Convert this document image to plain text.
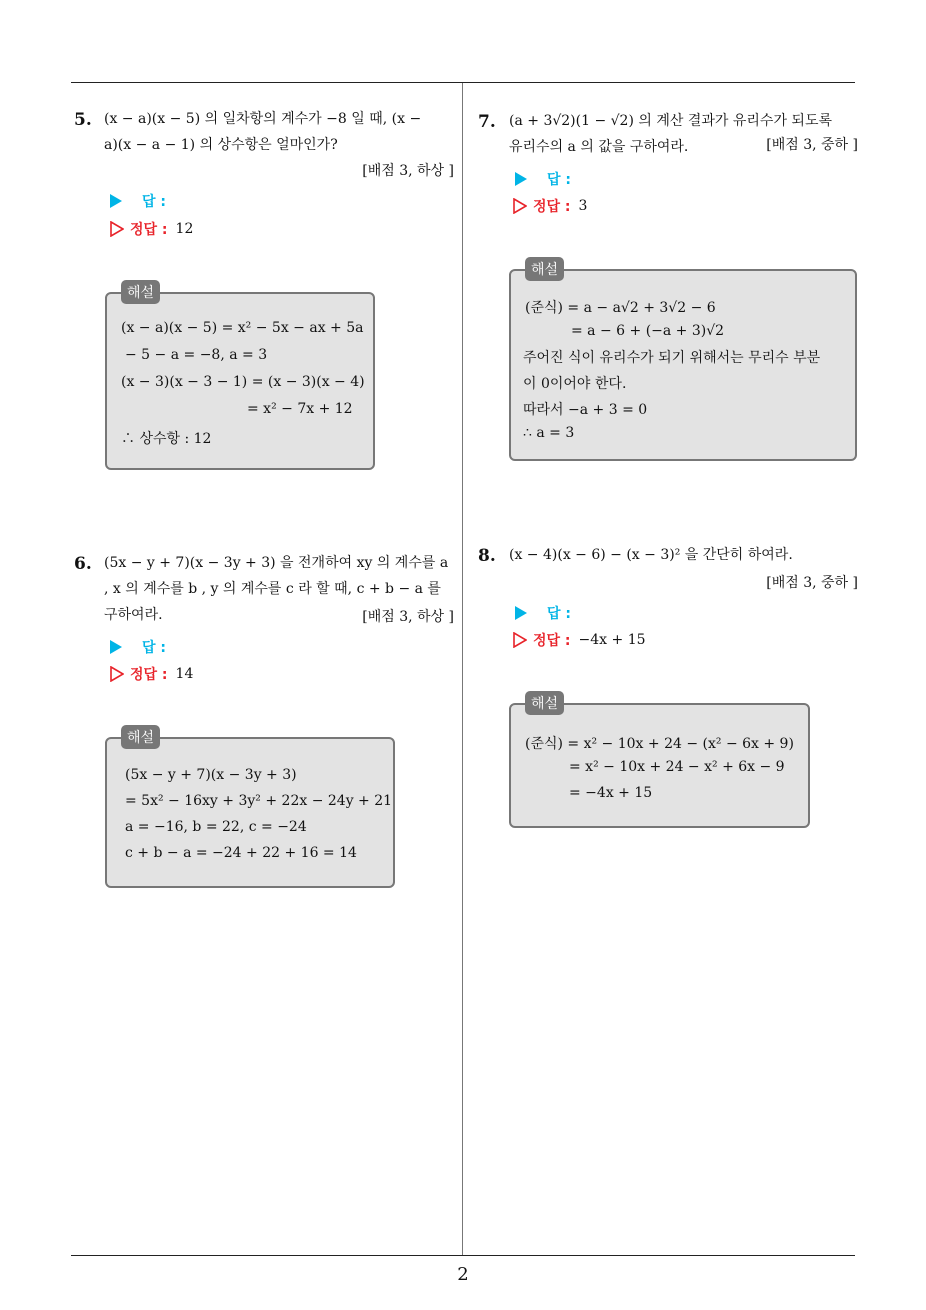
2
5. (x − a)(x − 5) 의 일차항의 계수가 −8 일 때, (x −
a)(x − a − 1) 의 상수항은 얼마인가?
[배점 3, 하상 ]
답 :
정답 : 12
해설
(x − a)(x − 5) = x² − 5x − ax + 5a
− 5 − a = −8, a = 3
(x − 3)(x − 3 − 1) = (x − 3)(x − 4)
= x² − 7x + 12
∴ 상수항 : 12
6. (5x − y + 7)(x − 3y + 3) 을 전개하여 xy 의 계수를 a
, x 의 계수를 b , y 의 계수를 c 라 할 때, c + b − a 를
구하여라.	[배점 3, 하상 ]
답 :
정답 : 14
해설
(5x − y + 7)(x − 3y + 3)
= 5x² − 16xy + 3y² + 22x − 24y + 21
a = −16, b = 22, c = −24
c + b − a = −24 + 22 + 16 = 14
7. (a + 3√2)(1 − √2) 의 계산 결과가 유리수가 되도록
유리수의 a 의 값을 구하여라.	[배점 3, 중하 ]
답 :
정답 : 3
해설
(준식) = a − a√2 + 3√2 − 6
= a − 6 + (−a + 3)√2
주어진 식이 유리수가 되기 위해서는 무리수 부분
이 0이어야 한다.
따라서 −a + 3 = 0
∴ a = 3
8. (x − 4)(x − 6) − (x − 3)² 을 간단히 하여라.
[배점 3, 중하 ]
답 :
정답 : −4x + 15
해설
(준식) = x² − 10x + 24 − (x² − 6x + 9)
= x² − 10x + 24 − x² + 6x − 9
= −4x + 15
